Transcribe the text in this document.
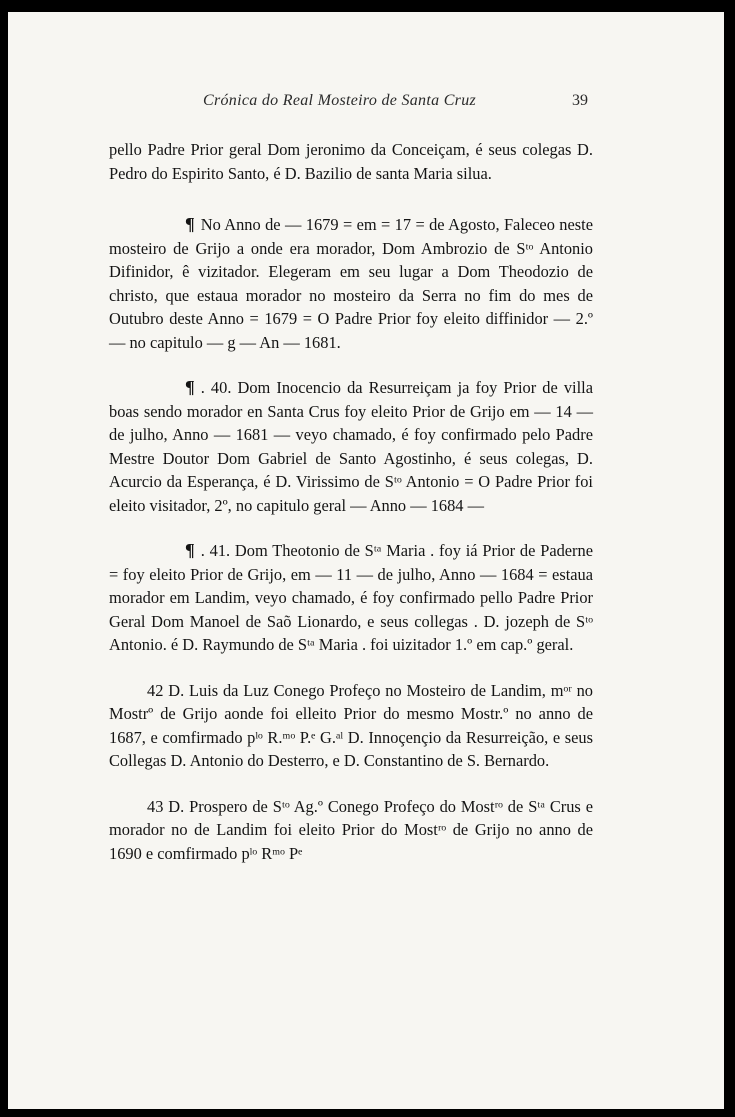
Crónica do Real Mosteiro de Santa Cruz	39

pello Padre Prior geral Dom jeronimo da Conceiçam, é seus colegas D. Pedro do Espirito Santo, é D. Bazilio de santa Maria silua.

¶ No Anno de — 1679 = em = 17 = de Agosto, Faleceo neste mosteiro de Grijo a onde era morador, Dom Ambrozio de Sᵗᵒ Antonio Difinidor, ê vizitador. Elegeram em seu lugar a Dom Theodozio de christo, que estaua morador no mosteiro da Serra no fim do mes de Outubro deste Anno = 1679 = O Padre Prior foy eleito diffinidor — 2.º — no capitulo — g — An — 1681.

¶ . 40. Dom Inocencio da Resurreiçam ja foy Prior de villa boas sendo morador en Santa Crus foy eleito Prior de Grijo em — 14 — de julho, Anno — 1681 — veyo chamado, é foy confirmado pelo Padre Mestre Doutor Dom Gabriel de Santo Agostinho, é seus colegas, D. Acurcio da Esperança, é D. Virissimo de Sᵗᵒ Antonio = O Padre Prior foi eleito visitador, 2º, no capitulo geral — Anno — 1684 —

¶ . 41. Dom Theotonio de Sᵗᵃ Maria . foy iá Prior de Paderne = foy eleito Prior de Grijo, em — 11 — de julho, Anno — 1684 = estaua morador em Landim, veyo chamado, é foy confirmado pello Padre Prior Geral Dom Manoel de Saõ Lionardo, e seus collegas . D. jozeph de Sᵗᵒ Antonio. é D. Raymundo de Sᵗᵃ Maria . foi uizitador 1.º em cap.º geral.

42 D. Luis da Luz Conego Profeço no Mosteiro de Landim, mᵒʳ no Mostrº de Grijo aonde foi elleito Prior do mesmo Mostr.º no anno de 1687, e comfirmado pˡᵒ R.ᵐᵒ P.ᵉ G.ᵃˡ D. Innoçençio da Resurreição, e seus Collegas D. Antonio do Desterro, e D. Constantino de S. Bernardo.

43 D. Prospero de Sᵗᵒ Ag.º Conego Profeço do Mostʳᵒ de Sᵗᵃ Crus e morador no de Landim foi eleito Prior do Mostʳᵒ de Grijo no anno de 1690 e comfirmado pˡᵒ Rᵐᵒ Pᵉ
